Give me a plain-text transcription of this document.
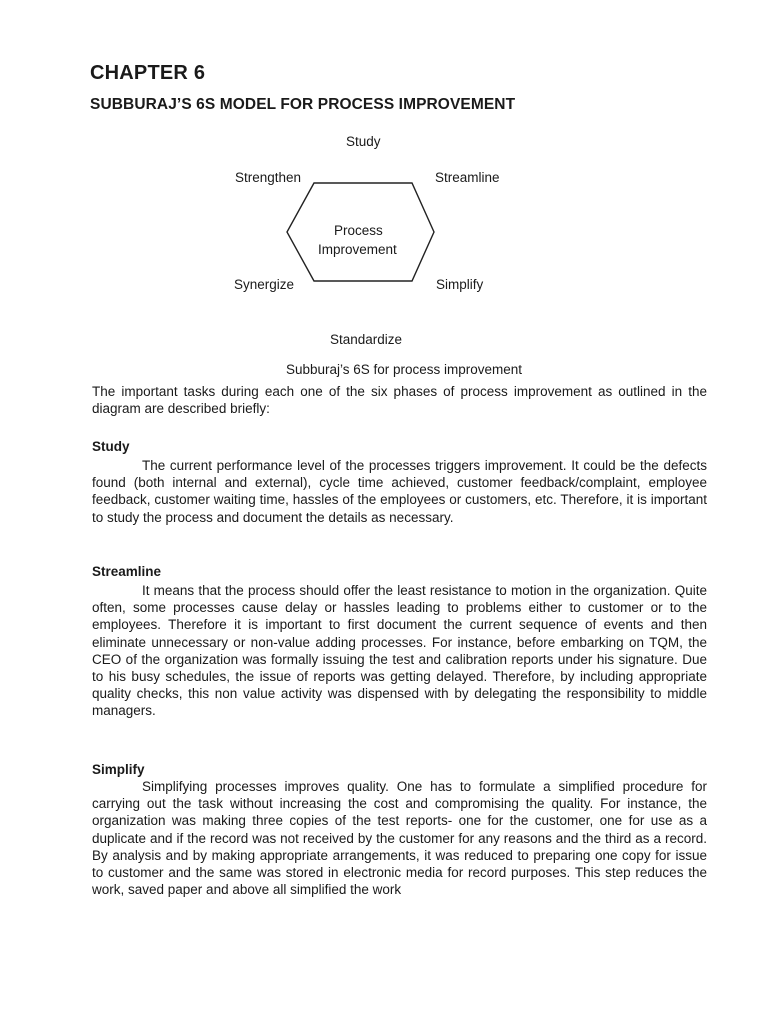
CHAPTER 6
SUBBURAJ’S 6S MODEL FOR PROCESS IMPROVEMENT
Study
Streamline
Simplify
Standardize
Synergize
Strengthen
Process
Improvement
Subburaj’s 6S for process improvement
The important tasks during each one of the six phases of process improvement as outlined in the diagram are described briefly:
Study
The current performance level of the processes triggers improvement. It could be the defects found (both internal and external), cycle time achieved, customer feedback/complaint, employee feedback, customer waiting time, hassles of the employees or customers, etc. Therefore, it is important to study the process and document the details as necessary.
Streamline
It means that the process should offer the least resistance to motion in the organization. Quite often, some processes cause delay or hassles leading to problems either to customer or to the employees. Therefore it is important to first document the current sequence of events and then eliminate unnecessary or non-value adding processes. For instance, before embarking on TQM, the CEO of the organization was formally issuing the test and calibration reports under his signature. Due to his busy schedules, the issue of reports was getting delayed. Therefore, by including appropriate quality checks, this non value activity was dispensed with by delegating the responsibility to middle managers.
Simplify
Simplifying processes improves quality. One has to formulate a simplified procedure for carrying out the task without increasing the cost and compromising the quality. For instance, the organization was making three copies of the test reports- one for the customer, one for use as a duplicate and if the record was not received by the customer for any reasons and the third as a record. By analysis and by making appropriate arrangements, it was reduced to preparing one copy for issue to customer and the same was stored in electronic media for record purposes. This step reduces the work, saved paper and above all simplified the work
